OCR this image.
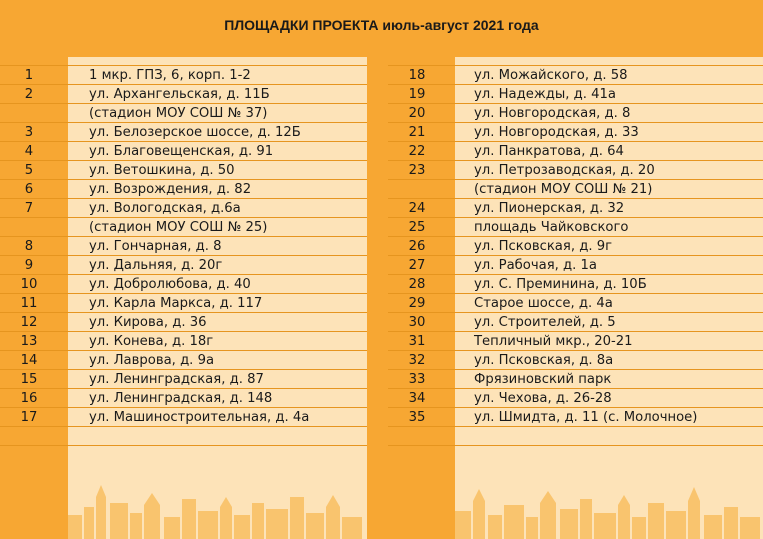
ПЛОЩАДКИ ПРОЕКТА июль-август 2021 года
1	1 мкр. ГПЗ, 6, корп. 1-2
2	ул. Архангельская, д. 11Б
(стадион МОУ СОШ № 37)
3	ул. Белозерское шоссе, д. 12Б
4	ул. Благовещенская, д. 91
5	ул. Ветошкина, д. 50
6	ул. Возрождения, д. 82
7	ул. Вологодская, д.6а
(стадион МОУ СОШ № 25)
8	ул. Гончарная, д. 8
9	ул. Дальняя, д. 20г
10	ул. Добролюбова, д. 40
11	ул. Карла Маркса, д. 117
12	ул. Кирова, д. 36
13	ул. Конева, д. 18г
14	ул. Лаврова, д. 9а
15	ул. Ленинградская, д. 87
16	ул. Ленинградская, д. 148
17	ул. Машиностроительная, д. 4а
18	ул. Можайского, д. 58
19	ул. Надежды, д. 41а
20	ул. Новгородская, д. 8
21	ул. Новгородская, д. 33
22	ул. Панкратова, д. 64
23	ул. Петрозаводская, д. 20
(стадион МОУ СОШ № 21)
24	ул. Пионерская, д. 32
25	площадь Чайковского
26	ул. Псковская, д. 9г
27	ул. Рабочая, д. 1а
28	ул. С. Преминина, д. 10Б
29	Старое шоссе, д. 4а
30	ул. Строителей, д. 5
31	Тепличный мкр., 20-21
32	ул. Псковская, д. 8а
33	Фрязиновский парк
34	ул. Чехова, д. 26-28
35	ул. Шмидта, д. 11 (с. Молочное)
